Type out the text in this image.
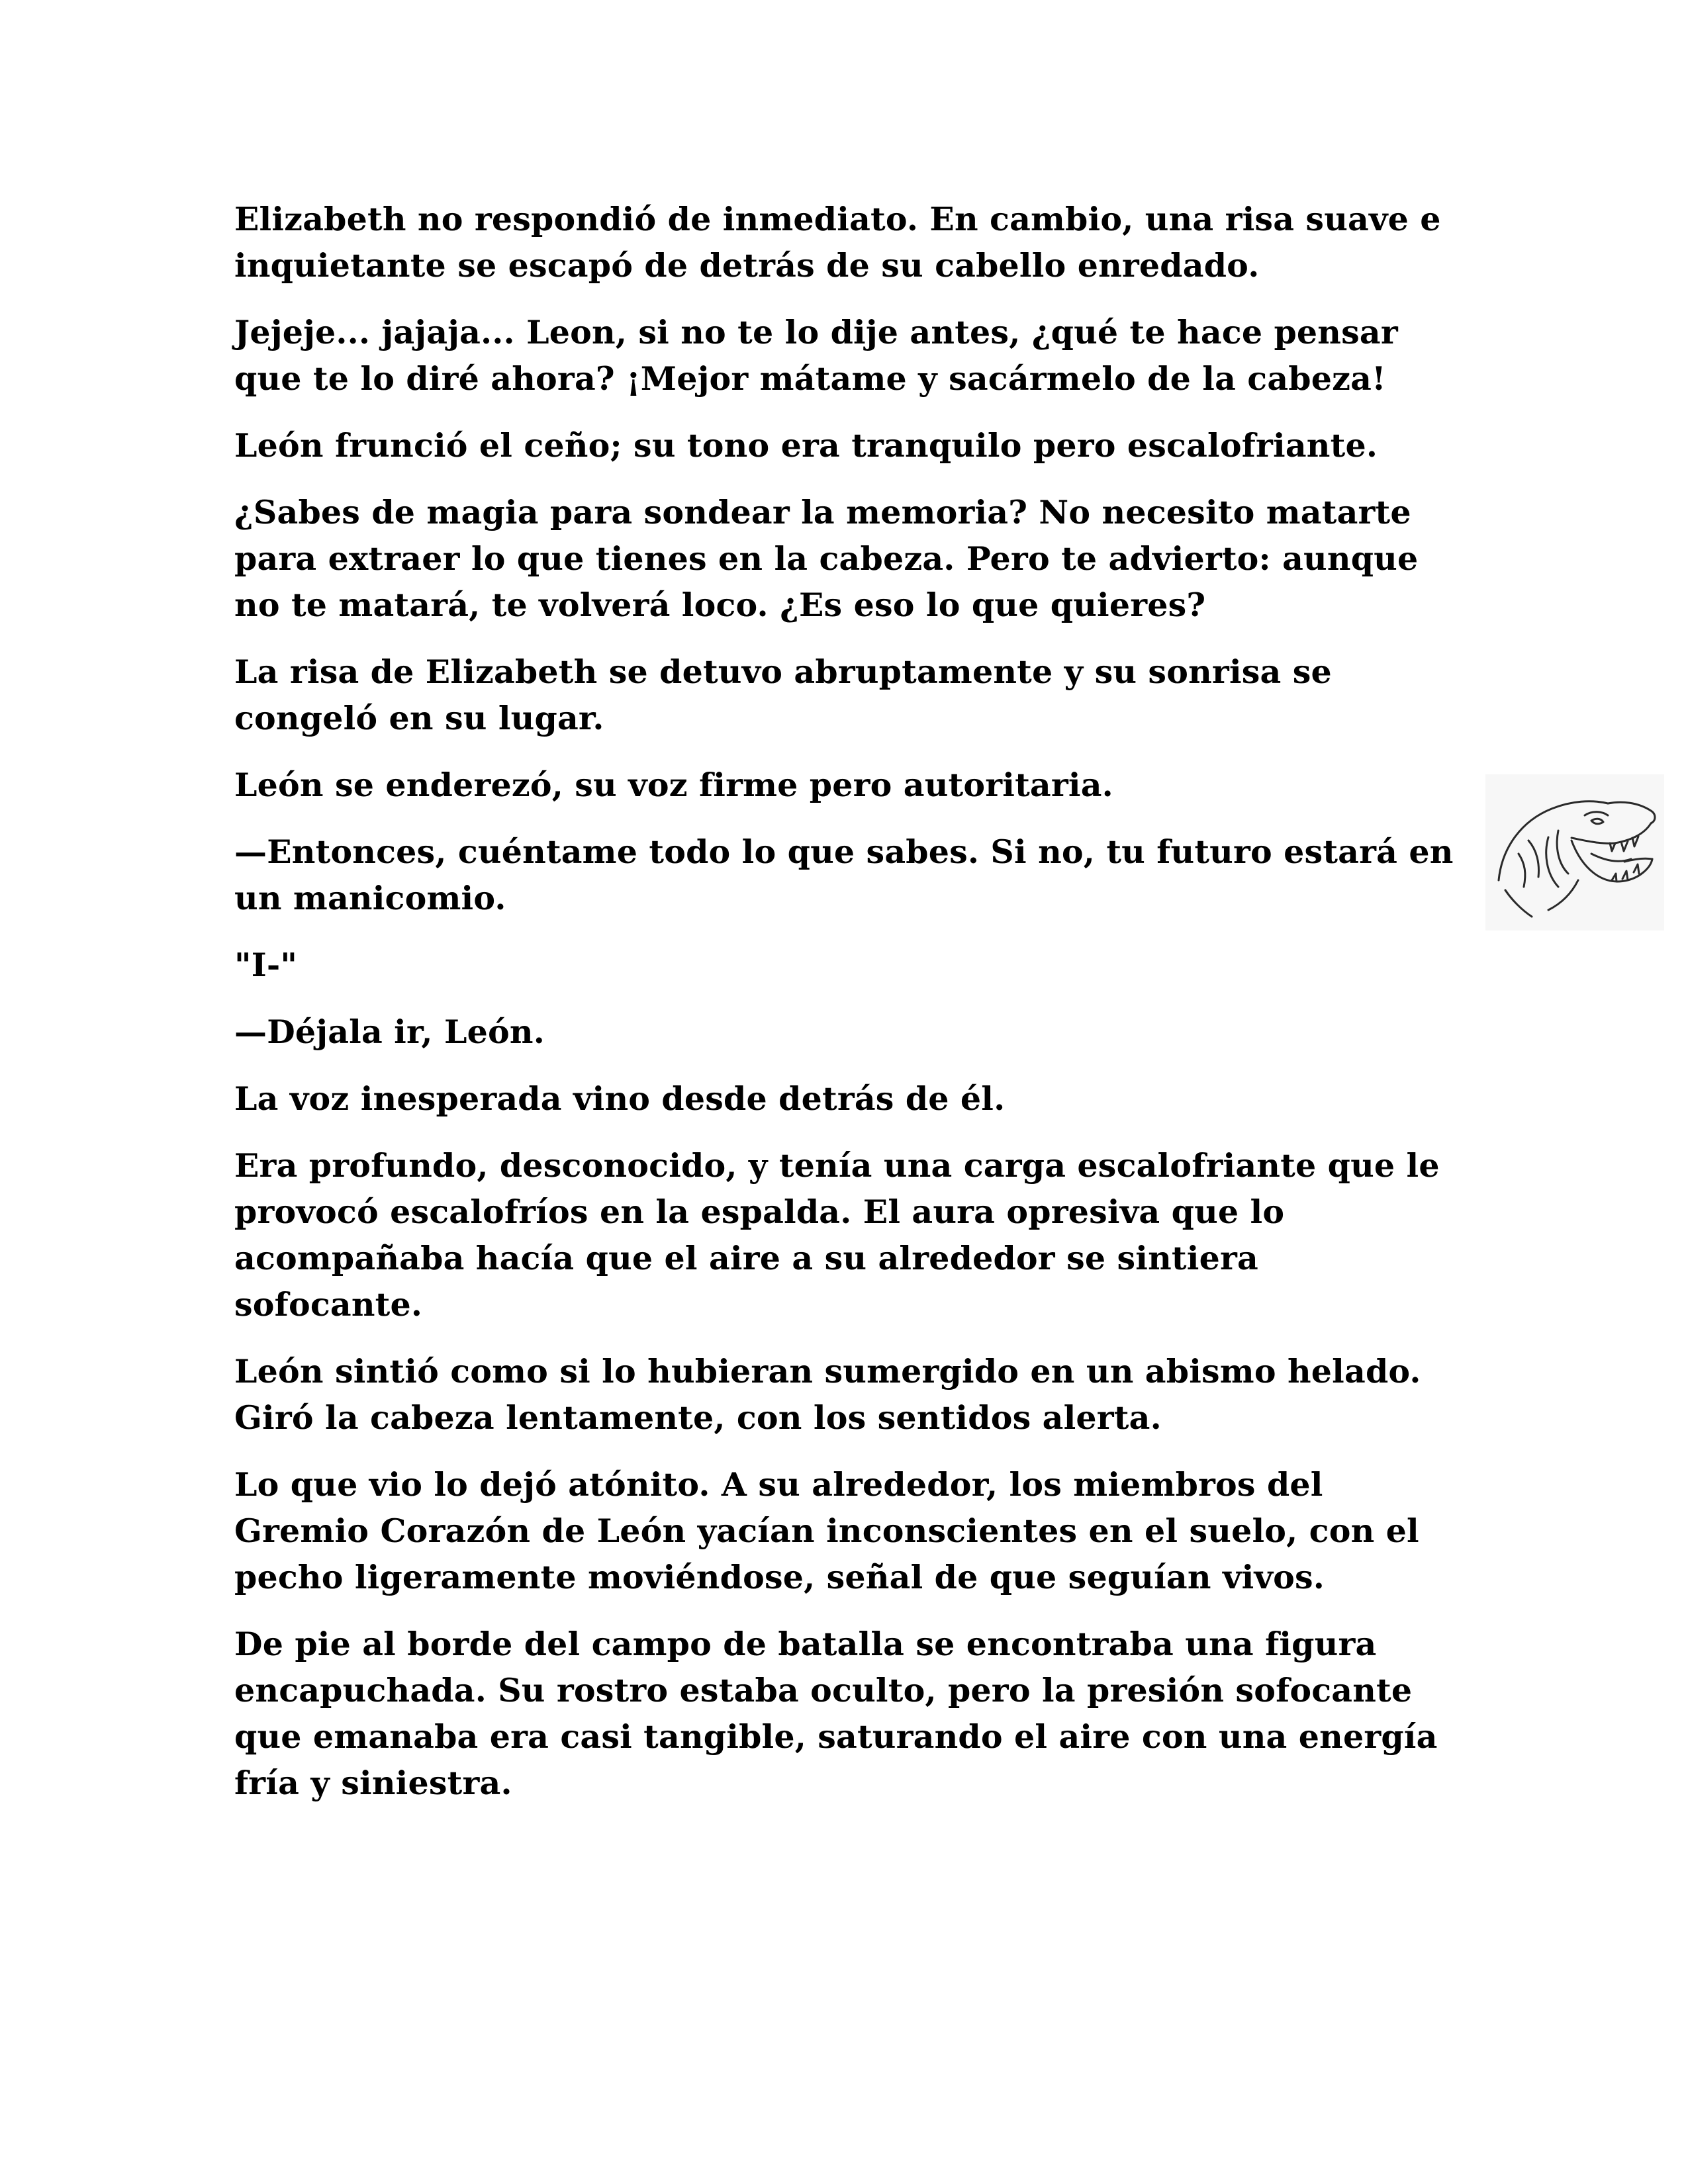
Elizabeth no respondió de inmediato. En cambio, una risa suave e inquietante se escapó de detrás de su cabello enredado.

Jejeje... jajaja... Leon, si no te lo dije antes, ¿qué te hace pensar que te lo diré ahora? ¡Mejor mátame y sacármelo de la cabeza!

León frunció el ceño; su tono era tranquilo pero escalofriante.

¿Sabes de magia para sondear la memoria? No necesito matarte para extraer lo que tienes en la cabeza. Pero te advierto: aunque no te matará, te volverá loco. ¿Es eso lo que quieres?

La risa de Elizabeth se detuvo abruptamente y su sonrisa se congeló en su lugar.

León se enderezó, su voz firme pero autoritaria.

—Entonces, cuéntame todo lo que sabes. Si no, tu futuro estará en un manicomio.

"I-"

—Déjala ir, León.

La voz inesperada vino desde detrás de él.

Era profundo, desconocido, y tenía una carga escalofriante que le provocó escalofríos en la espalda. El aura opresiva que lo acompañaba hacía que el aire a su alrededor se sintiera sofocante.

León sintió como si lo hubieran sumergido en un abismo helado. Giró la cabeza lentamente, con los sentidos alerta.

Lo que vio lo dejó atónito. A su alrededor, los miembros del Gremio Corazón de León yacían inconscientes en el suelo, con el pecho ligeramente moviéndose, señal de que seguían vivos.

De pie al borde del campo de batalla se encontraba una figura encapuchada. Su rostro estaba oculto, pero la presión sofocante que emanaba era casi tangible, saturando el aire con una energía fría y siniestra.
